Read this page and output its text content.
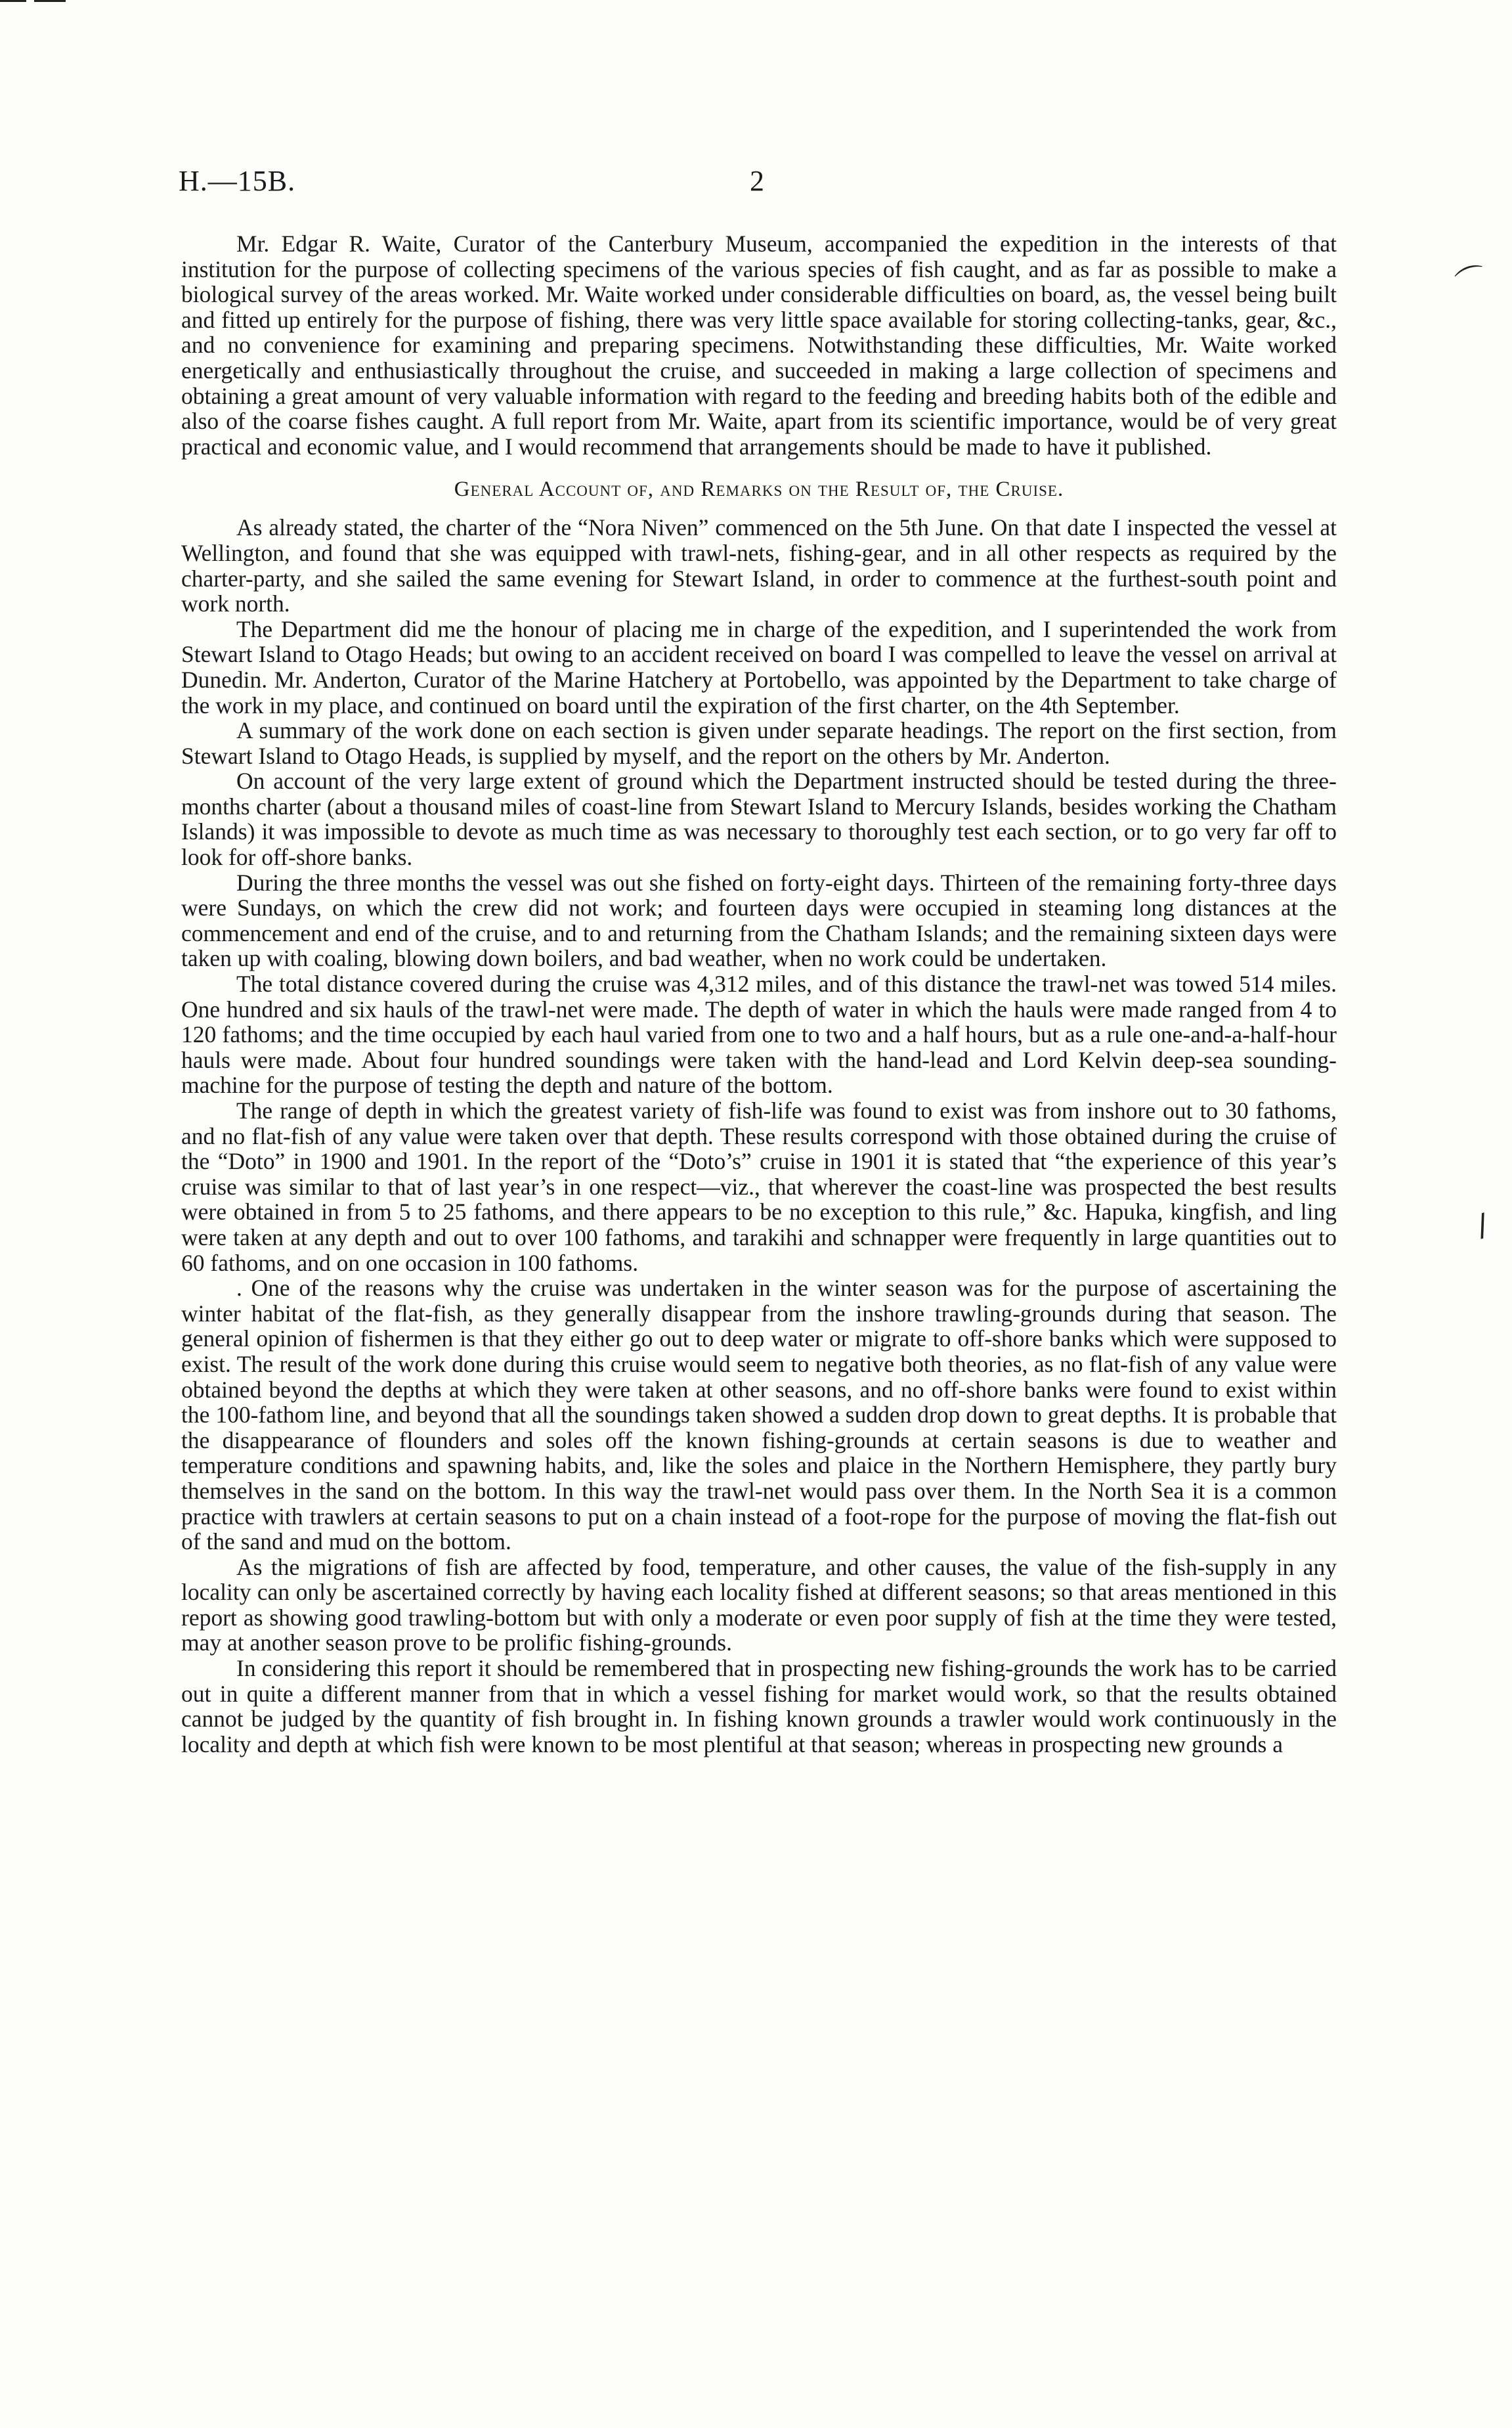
H.—15B.	2

Mr. Edgar R. Waite, Curator of the Canterbury Museum, accompanied the expedition in the interests of that institution for the purpose of collecting specimens of the various species of fish caught, and as far as possible to make a biological survey of the areas worked. Mr. Waite worked under considerable difficulties on board, as, the vessel being built and fitted up entirely for the purpose of fishing, there was very little space available for storing collecting-tanks, gear, &c., and no convenience for examining and preparing specimens. Notwithstanding these difficulties, Mr. Waite worked energetically and enthusiastically throughout the cruise, and succeeded in making a large collection of specimens and obtaining a great amount of very valuable information with regard to the feeding and breeding habits both of the edible and also of the coarse fishes caught. A full report from Mr. Waite, apart from its scientific importance, would be of very great practical and economic value, and I would recommend that arrangements should be made to have it published.

General Account of, and Remarks on the Result of, the Cruise.

As already stated, the charter of the “Nora Niven” commenced on the 5th June. On that date I inspected the vessel at Wellington, and found that she was equipped with trawl-nets, fishing-gear, and in all other respects as required by the charter-party, and she sailed the same evening for Stewart Island, in order to commence at the furthest-south point and work north.

The Department did me the honour of placing me in charge of the expedition, and I superintended the work from Stewart Island to Otago Heads; but owing to an accident received on board I was compelled to leave the vessel on arrival at Dunedin. Mr. Anderton, Curator of the Marine Hatchery at Portobello, was appointed by the Department to take charge of the work in my place, and continued on board until the expiration of the first charter, on the 4th September.

A summary of the work done on each section is given under separate headings. The report on the first section, from Stewart Island to Otago Heads, is supplied by myself, and the report on the others by Mr. Anderton.

On account of the very large extent of ground which the Department instructed should be tested during the three-months charter (about a thousand miles of coast-line from Stewart Island to Mercury Islands, besides working the Chatham Islands) it was impossible to devote as much time as was necessary to thoroughly test each section, or to go very far off to look for off-shore banks.

During the three months the vessel was out she fished on forty-eight days. Thirteen of the remaining forty-three days were Sundays, on which the crew did not work; and fourteen days were occupied in steaming long distances at the commencement and end of the cruise, and to and returning from the Chatham Islands; and the remaining sixteen days were taken up with coaling, blowing down boilers, and bad weather, when no work could be undertaken.

The total distance covered during the cruise was 4,312 miles, and of this distance the trawl-net was towed 514 miles. One hundred and six hauls of the trawl-net were made. The depth of water in which the hauls were made ranged from 4 to 120 fathoms; and the time occupied by each haul varied from one to two and a half hours, but as a rule one-and-a-half-hour hauls were made. About four hundred soundings were taken with the hand-lead and Lord Kelvin deep-sea sounding-machine for the purpose of testing the depth and nature of the bottom.

The range of depth in which the greatest variety of fish-life was found to exist was from inshore out to 30 fathoms, and no flat-fish of any value were taken over that depth. These results correspond with those obtained during the cruise of the “Doto” in 1900 and 1901. In the report of the “Doto’s” cruise in 1901 it is stated that “the experience of this year’s cruise was similar to that of last year’s in one respect—viz., that wherever the coast-line was prospected the best results were obtained in from 5 to 25 fathoms, and there appears to be no exception to this rule,” &c. Hapuka, kingfish, and ling were taken at any depth and out to over 100 fathoms, and tarakihi and schnapper were frequently in large quantities out to 60 fathoms, and on one occasion in 100 fathoms.

. One of the reasons why the cruise was undertaken in the winter season was for the purpose of ascertaining the winter habitat of the flat-fish, as they generally disappear from the inshore trawling-grounds during that season. The general opinion of fishermen is that they either go out to deep water or migrate to off-shore banks which were supposed to exist. The result of the work done during this cruise would seem to negative both theories, as no flat-fish of any value were obtained beyond the depths at which they were taken at other seasons, and no off-shore banks were found to exist within the 100-fathom line, and beyond that all the soundings taken showed a sudden drop down to great depths. It is probable that the disappearance of flounders and soles off the known fishing-grounds at certain seasons is due to weather and temperature conditions and spawning habits, and, like the soles and plaice in the Northern Hemisphere, they partly bury themselves in the sand on the bottom. In this way the trawl-net would pass over them. In the North Sea it is a common practice with trawlers at certain seasons to put on a chain instead of a foot-rope for the purpose of moving the flat-fish out of the sand and mud on the bottom.

As the migrations of fish are affected by food, temperature, and other causes, the value of the fish-supply in any locality can only be ascertained correctly by having each locality fished at different seasons; so that areas mentioned in this report as showing good trawling-bottom but with only a moderate or even poor supply of fish at the time they were tested, may at another season prove to be prolific fishing-grounds.

In considering this report it should be remembered that in prospecting new fishing-grounds the work has to be carried out in quite a different manner from that in which a vessel fishing for market would work, so that the results obtained cannot be judged by the quantity of fish brought in. In fishing known grounds a trawler would work continuously in the locality and depth at which fish were known to be most plentiful at that season; whereas in prospecting new grounds a

⌒
/
